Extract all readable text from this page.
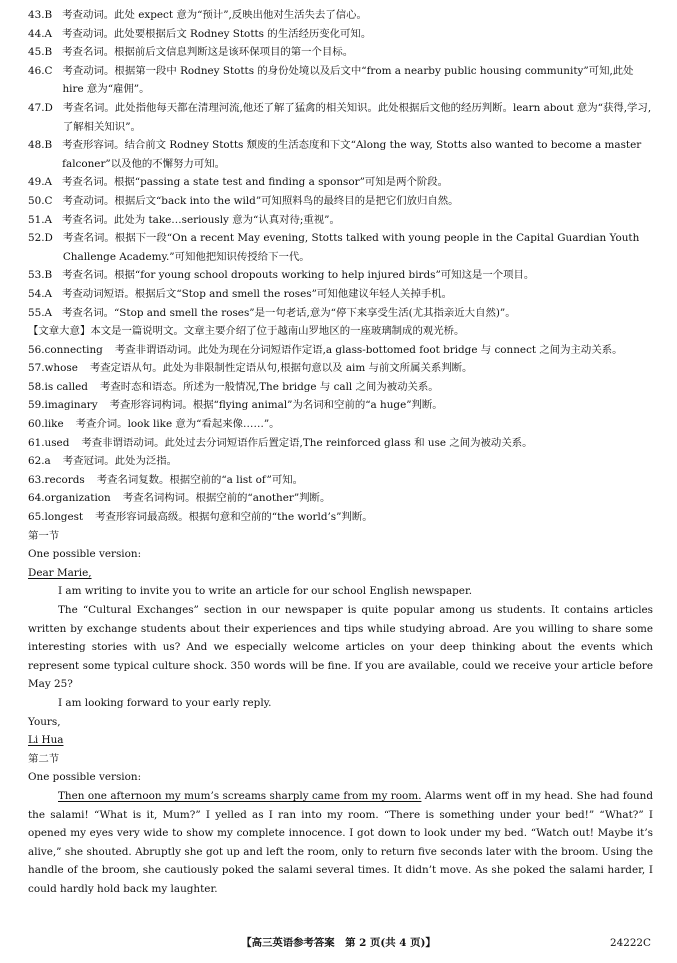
43.B 考查动词。此处 expect 意为“预计”,反映出他对生活失去了信心。
44.A 考查动词。此处要根据后文 Rodney Stotts 的生活经历变化可知。
45.B 考查名词。根据前后文信息判断这是该环保项目的第一个目标。
46.C 考查动词。根据第一段中 Rodney Stotts 的身份处境以及后文中“from a nearby public housing community”可知,此处 hire 意为“雇佣”。
47.D 考查名词。此处指他每天都在清理河流,他还了解了猛禽的相关知识。此处根据后文他的经历判断。learn about 意为“获得,学习,了解相关知识”。
48.B 考查形容词。结合前文 Rodney Stotts 颓废的生活态度和下文“Along the way, Stotts also wanted to become a master falconer”以及他的不懈努力可知。
49.A 考查名词。根据“passing a state test and finding a sponsor”可知是两个阶段。
50.C 考查动词。根据后文“back into the wild”可知照料鸟的最终目的是把它们放归自然。
51.A 考查名词。此处为 take…seriously 意为“认真对待;重视”。
52.D 考查名词。根据下一段“On a recent May evening, Stotts talked with young people in the Capital Guardian Youth Challenge Academy.”可知他把知识传授给下一代。
53.B 考查名词。根据“for young school dropouts working to help injured birds”可知这是一个项目。
54.A 考查动词短语。根据后文“Stop and smell the roses”可知他建议年轻人关掉手机。
55.A 考查名词。“Stop and smell the roses”是一句老话,意为“停下来享受生活(尤其指亲近大自然)”。
【文章大意】本文是一篇说明文。文章主要介绍了位于越南山罗地区的一座玻璃制成的观光桥。
56. connecting 考查非谓语动词。此处为现在分词短语作定语,a glass-bottomed foot bridge 与 connect 之间为主动关系。
57. whose 考查定语从句。此处为非限制性定语从句,根据句意以及 aim 与前文所属关系判断。
58. is called 考查时态和语态。所述为一般情况,The bridge 与 call 之间为被动关系。
59. imaginary 考查形容词构词。根据“flying animal”为名词和空前的“a huge”判断。
60. like 考查介词。look like 意为“看起来像……”。
61. used 考查非谓语动词。此处过去分词短语作后置定语,The reinforced glass 和 use 之间为被动关系。
62. a 考查冠词。此处为泛指。
63. records 考查名词复数。根据空前的“a list of”可知。
64. organization 考查名词构词。根据空前的“another”判断。
65. longest 考查形容词最高级。根据句意和空前的“the world’s”判断。
第一节
One possible version:

Dear Marie,

I am writing to invite you to write an article for our school English newspaper.

The “Cultural Exchanges” section in our newspaper is quite popular among us students. It contains articles written by exchange students about their experiences and tips while studying abroad. Are you willing to share some interesting stories with us? And we especially welcome articles on your deep thinking about the events which represent some typical culture shock. 350 words will be fine. If you are available, could we receive your article before May 25?

I am looking forward to your early reply.

Yours,

Li Hua

第二节
One possible version:

Then one afternoon my mum’s screams sharply came from my room. Alarms went off in my head. She had found the salami! “What is it, Mum?” I yelled as I ran into my room. “There is something under your bed!” “What?” I opened my eyes very wide to show my complete innocence. I got down to look under my bed. “Watch out! Maybe it’s alive,” she shouted. Abruptly she got up and left the room, only to return five seconds later with the broom. Using the handle of the broom, she cautiously poked the salami several times. It didn’t move. As she poked the salami harder, I could hardly hold back my laughter.

【高三英语参考答案　第 2 页(共 4 页)】	24222C
